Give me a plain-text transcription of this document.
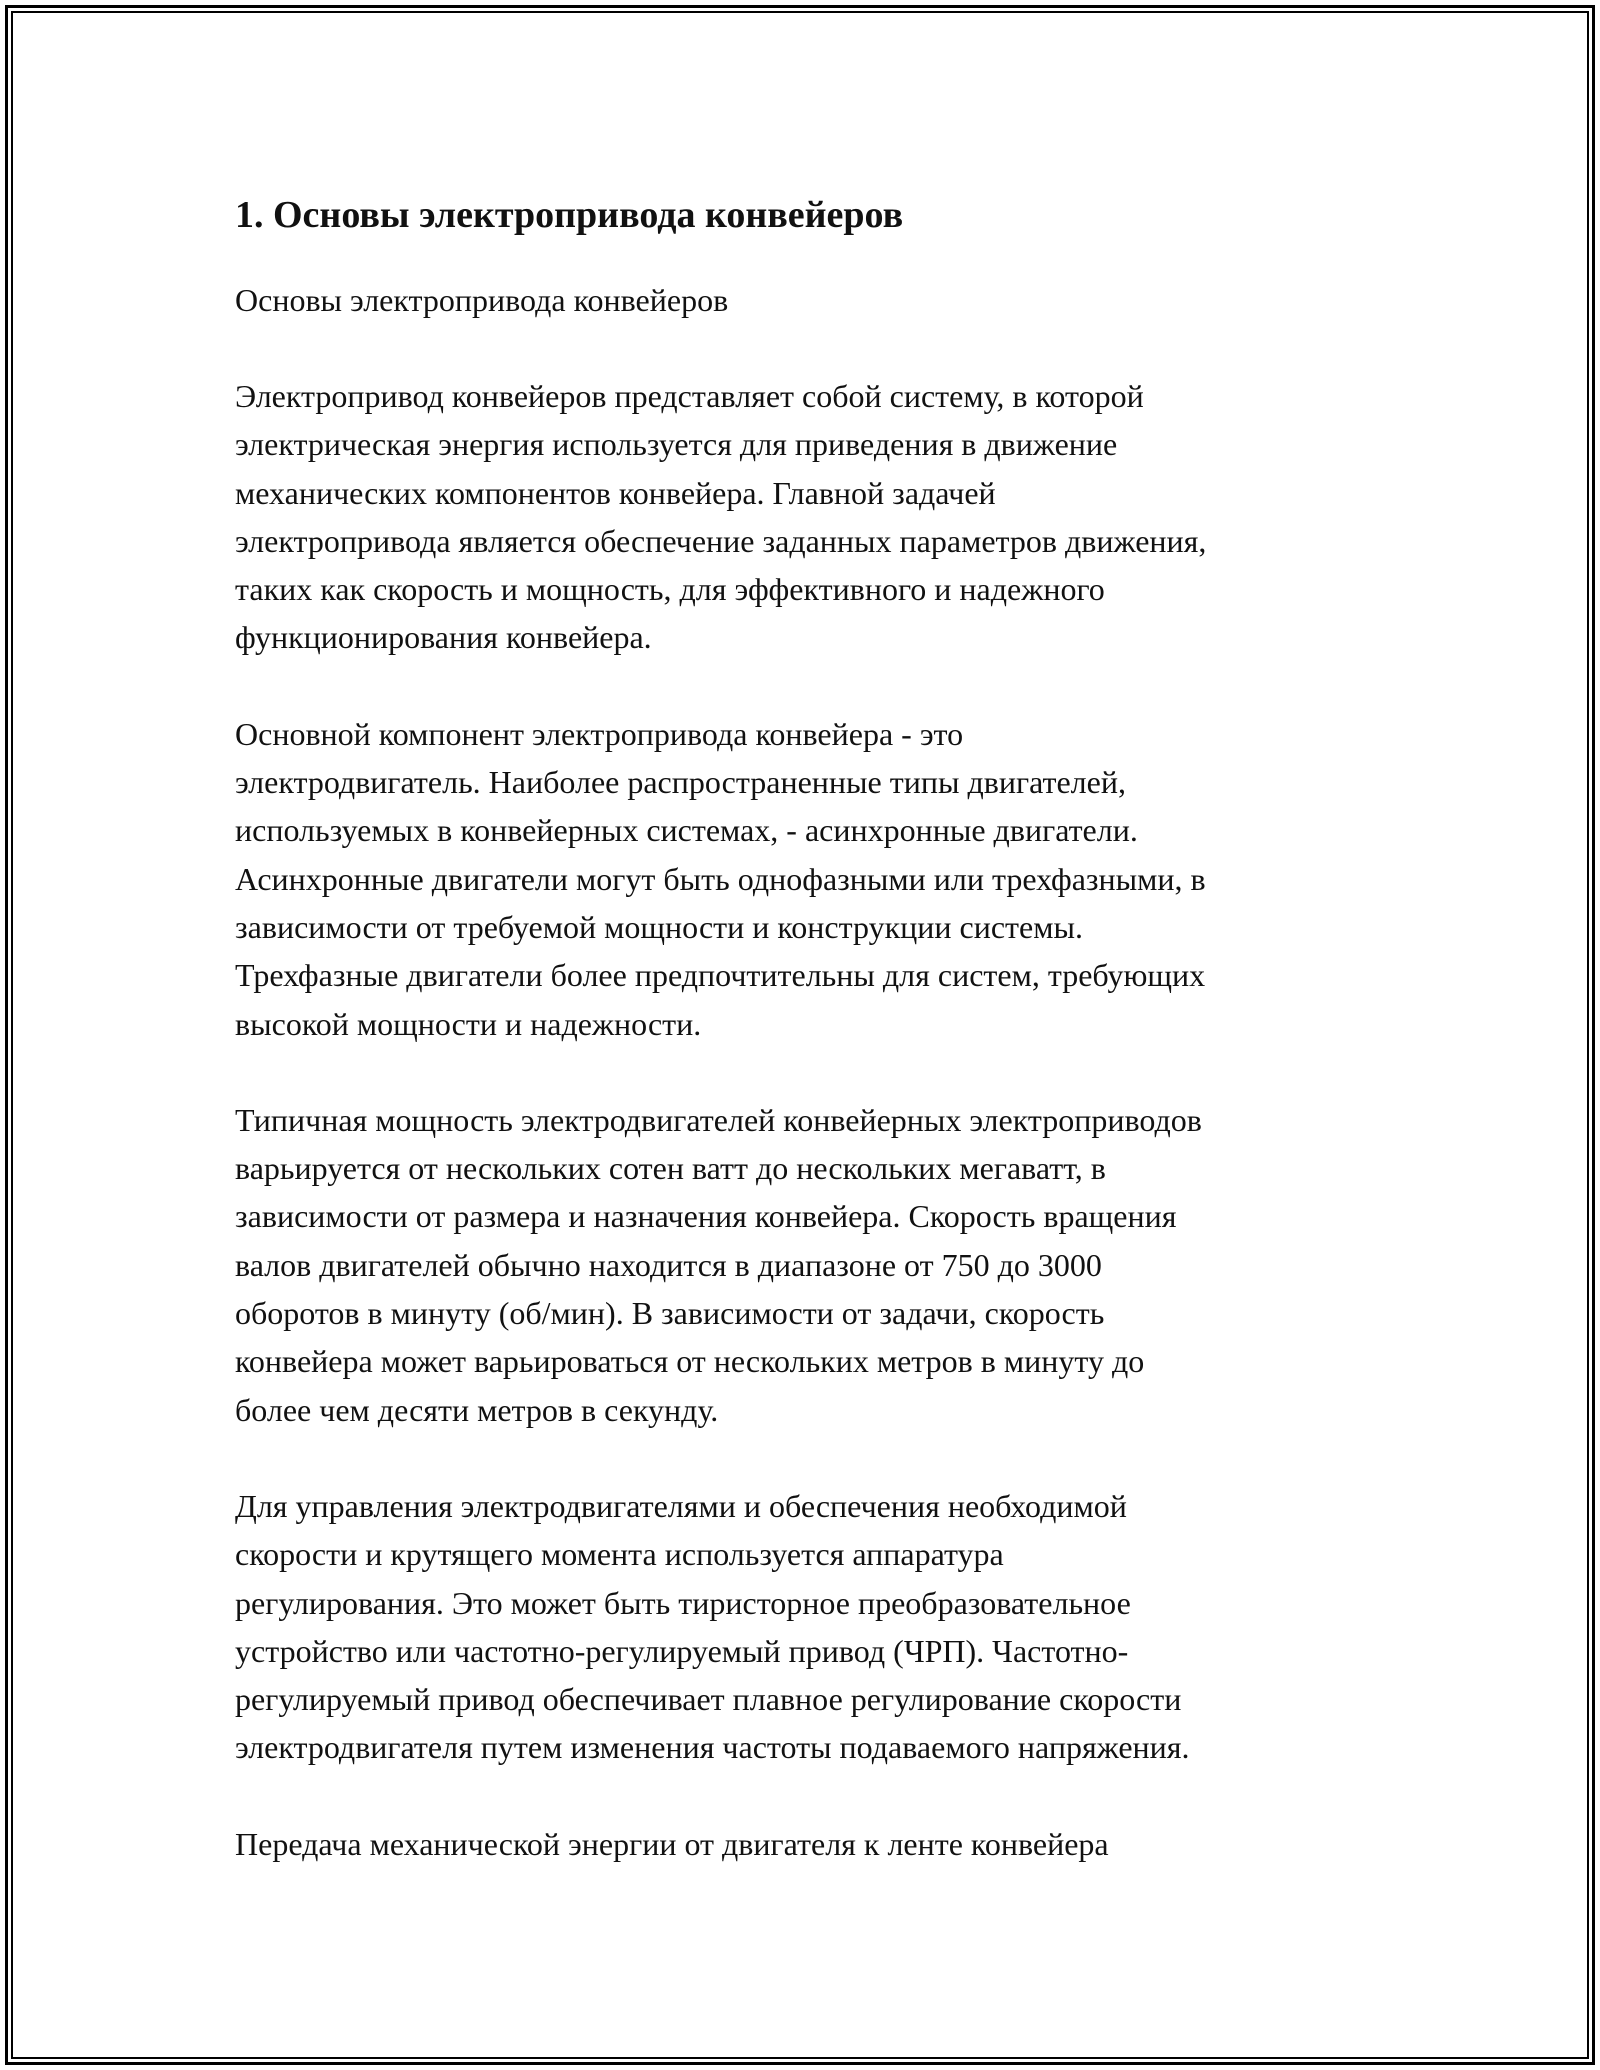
1. Основы электропривода конвейеров

Основы электропривода конвейеров

Электропривод конвейеров представляет собой систему, в которой
электрическая энергия используется для приведения в движение
механических компонентов конвейера. Главной задачей
электропривода является обеспечение заданных параметров движения,
таких как скорость и мощность, для эффективного и надежного
функционирования конвейера.

Основной компонент электропривода конвейера - это
электродвигатель. Наиболее распространенные типы двигателей,
используемых в конвейерных системах, - асинхронные двигатели.
Асинхронные двигатели могут быть однофазными или трехфазными, в
зависимости от требуемой мощности и конструкции системы.
Трехфазные двигатели более предпочтительны для систем, требующих
высокой мощности и надежности.

Типичная мощность электродвигателей конвейерных электроприводов
варьируется от нескольких сотен ватт до нескольких мегаватт, в
зависимости от размера и назначения конвейера. Скорость вращения
валов двигателей обычно находится в диапазоне от 750 до 3000
оборотов в минуту (об/мин). В зависимости от задачи, скорость
конвейера может варьироваться от нескольких метров в минуту до
более чем десяти метров в секунду.

Для управления электродвигателями и обеспечения необходимой
скорости и крутящего момента используется аппаратура
регулирования. Это может быть тиристорное преобразовательное
устройство или частотно-регулируемый привод (ЧРП). Частотно-
регулируемый привод обеспечивает плавное регулирование скорости
электродвигателя путем изменения частоты подаваемого напряжения.

Передача механической энергии от двигателя к ленте конвейера
